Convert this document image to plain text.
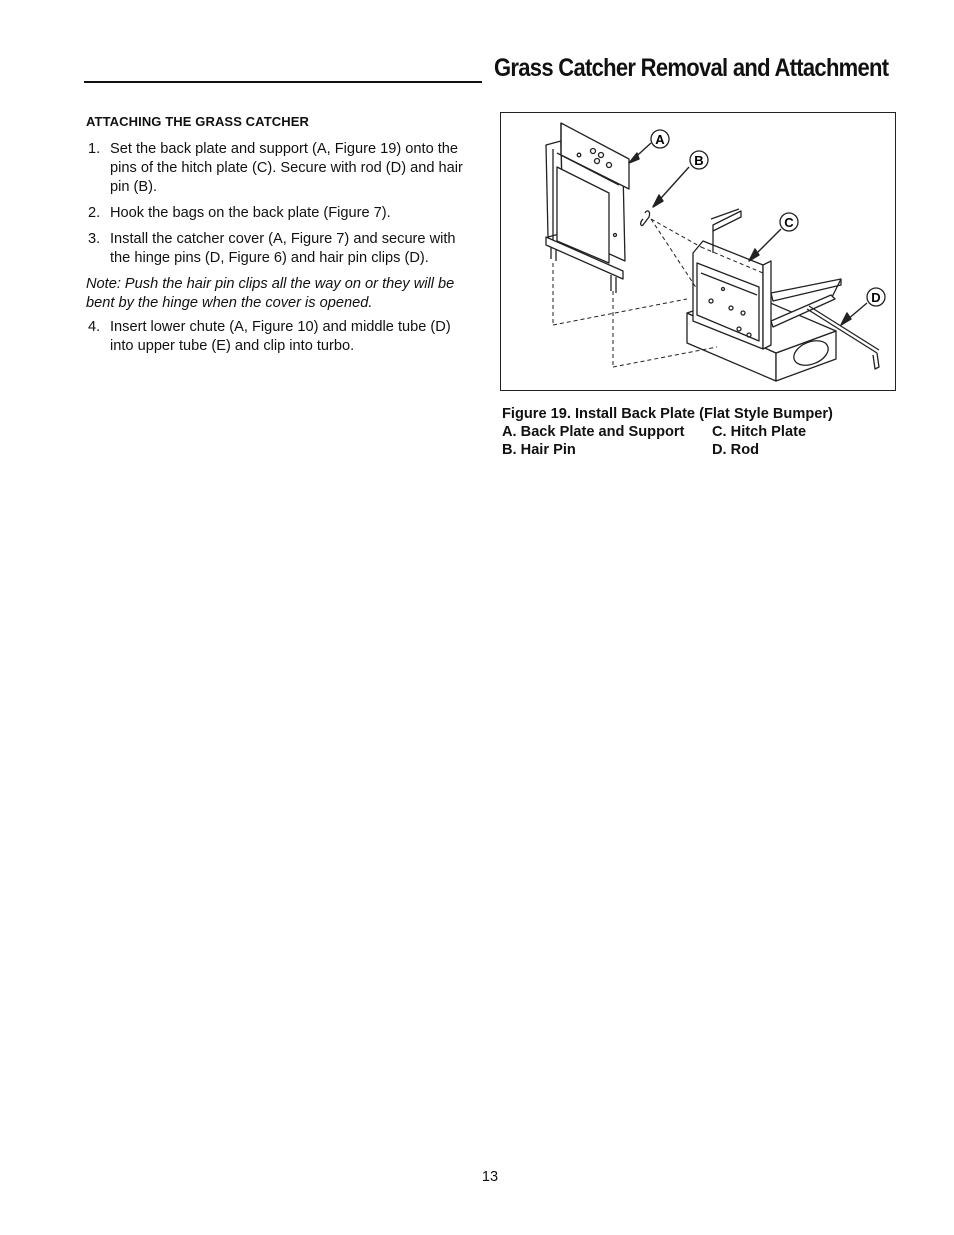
Grass Catcher Removal and Attachment
ATTACHING THE GRASS CATCHER
1. Set the back plate and support (A, Figure 19) onto the pins of the hitch plate (C). Secure with rod (D) and hair pin (B).
2. Hook the bags on the back plate (Figure 7).
3. Install the catcher cover (A, Figure 7) and secure with the hinge pins (D, Figure 6) and hair pin clips (D).
Note: Push the hair pin clips all the way on or they will be bent by the hinge when the cover is opened.
4. Insert lower chute (A, Figure 10) and middle tube (D) into upper tube (E) and clip into turbo.
A
B
C
D

Figure 19. Install Back Plate (Flat Style Bumper)

A. Back Plate and Support	C. Hitch Plate
B. Hair Pin	D. Rod
13
